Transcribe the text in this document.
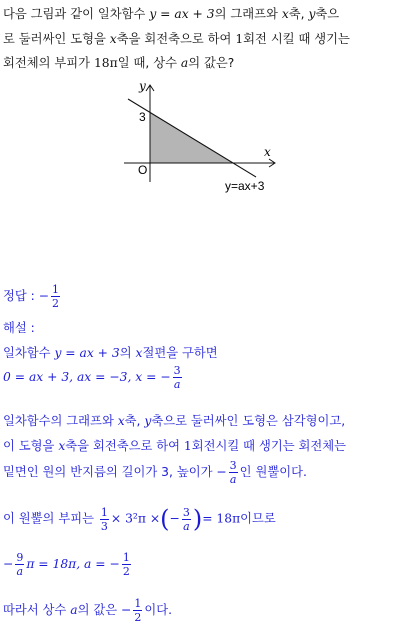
다음 그림과 같이 일차함수 y = ax + 3의 그래프와 x축, y축으
로 둘러싸인 도형을 x축을 회전축으로 하여 1회전 시킬 때 생기는
회전체의 부피가 18π일 때, 상수 a의 값은?
y
x
3
O
y=ax+3
정답 : − $\frac{1}{2}$
해설 :
일차함수 y = ax + 3의 x절편을 구하면
0 = ax + 3, ax = −3, x = − $\frac{3}{a}$
일차함수의 그래프와 x축, y축으로 둘러싸인 도형은 삼각형이고,
이 도형을 x축을 회전축으로 하여 1회전시킬 때 생기는 회전체는
밑면인 원의 반지름의 길이가 3, 높이가 − $\frac{3}{a}$ 인 원뿔이다.
이 원뿔의 부피는 $\frac{1}{3} \times 3^2\pi$ ×(− $\frac{3}{a}$ )= 18π이므로
− $\frac{9}{a}$ π = 18π, a = − $\frac{1}{2}$
따라서 상수 a의 값은 − $\frac{1}{2}$ 이다.
